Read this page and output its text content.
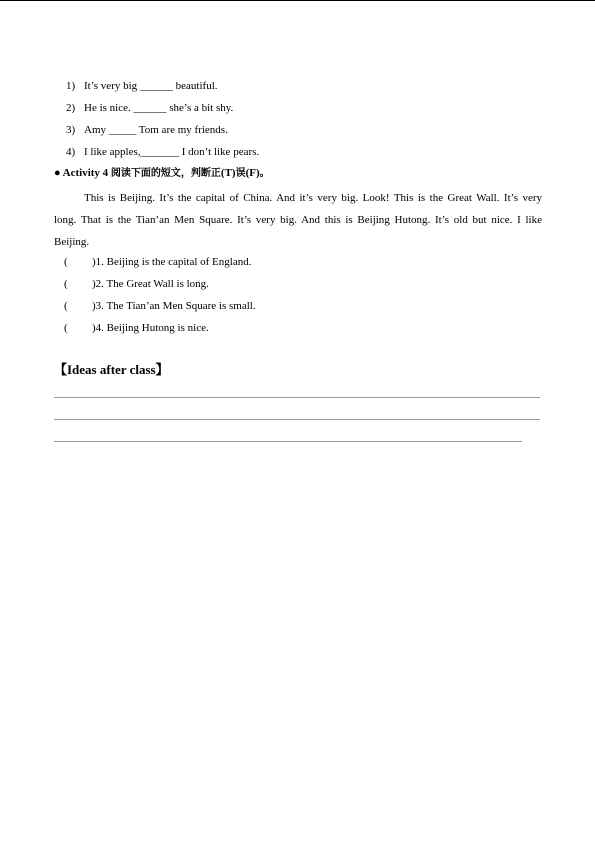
1) It’s very big ______ beautiful.
2) He is nice. ______ she’s a bit shy.
3) Amy _____ Tom are my friends.
4) I like apples,_______ I don’t like pears.
● Activity 4 阅读下面的短文，判断正(T)误(F)。
This is Beijing. It’s the capital of China. And it’s very big. Look! This is the Great Wall. It’s very long. That is the Tian’an Men Square. It’s very big. And this is Beijing Hutong. It’s old but nice. I like Beijing.
( )1. Beijing is the capital of England.
( )2. The Great Wall is long.
( )3. The Tian’an Men Square is small.
( )4. Beijing Hutong is nice.
【Ideas after class】
